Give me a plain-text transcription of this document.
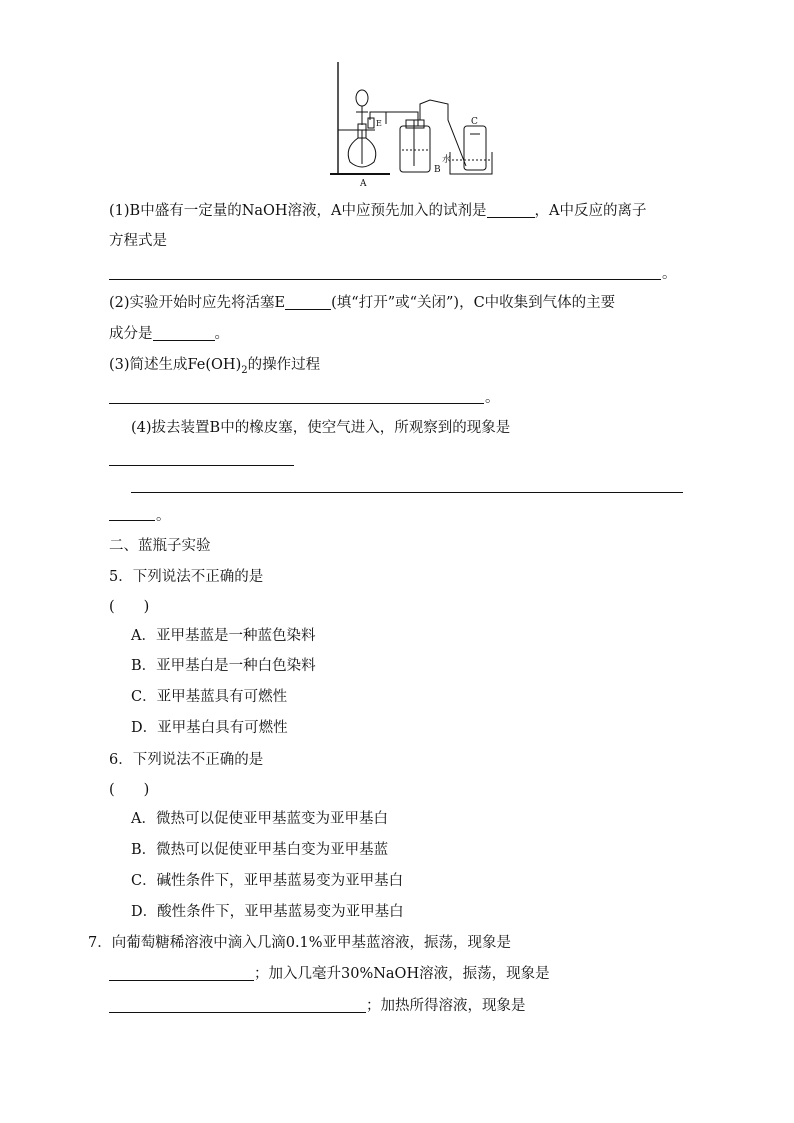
A
B
C
E
水
(1)B中盛有一定量的NaOH溶液，A中应预先加入的试剂是	，A中反应的离子
方程式是
。
(2)实验开始时应先将活塞E	(填“打开”或“关闭”)，C中收集到气体的主要
成分是	。
(3)简述生成$Fe(OH)_2$的操作过程
。
(4)拔去装置B中的橡皮塞，使空气进入，所观察到的现象是
。
二、蓝瓶子实验
5．下列说法不正确的是
(　　)
A．亚甲基蓝是一种蓝色染料
B．亚甲基白是一种白色染料
C．亚甲基蓝具有可燃性
D．亚甲基白具有可燃性
6．下列说法不正确的是
(　　)
A．微热可以促使亚甲基蓝变为亚甲基白
B．微热可以促使亚甲基白变为亚甲基蓝
C．碱性条件下，亚甲基蓝易变为亚甲基白
D．酸性条件下，亚甲基蓝易变为亚甲基白
7．向葡萄糖稀溶液中滴入几滴0.1%亚甲基蓝溶液，振荡，现象是
；加入几毫升30%NaOH溶液，振荡，现象是
；加热所得溶液，现象是
